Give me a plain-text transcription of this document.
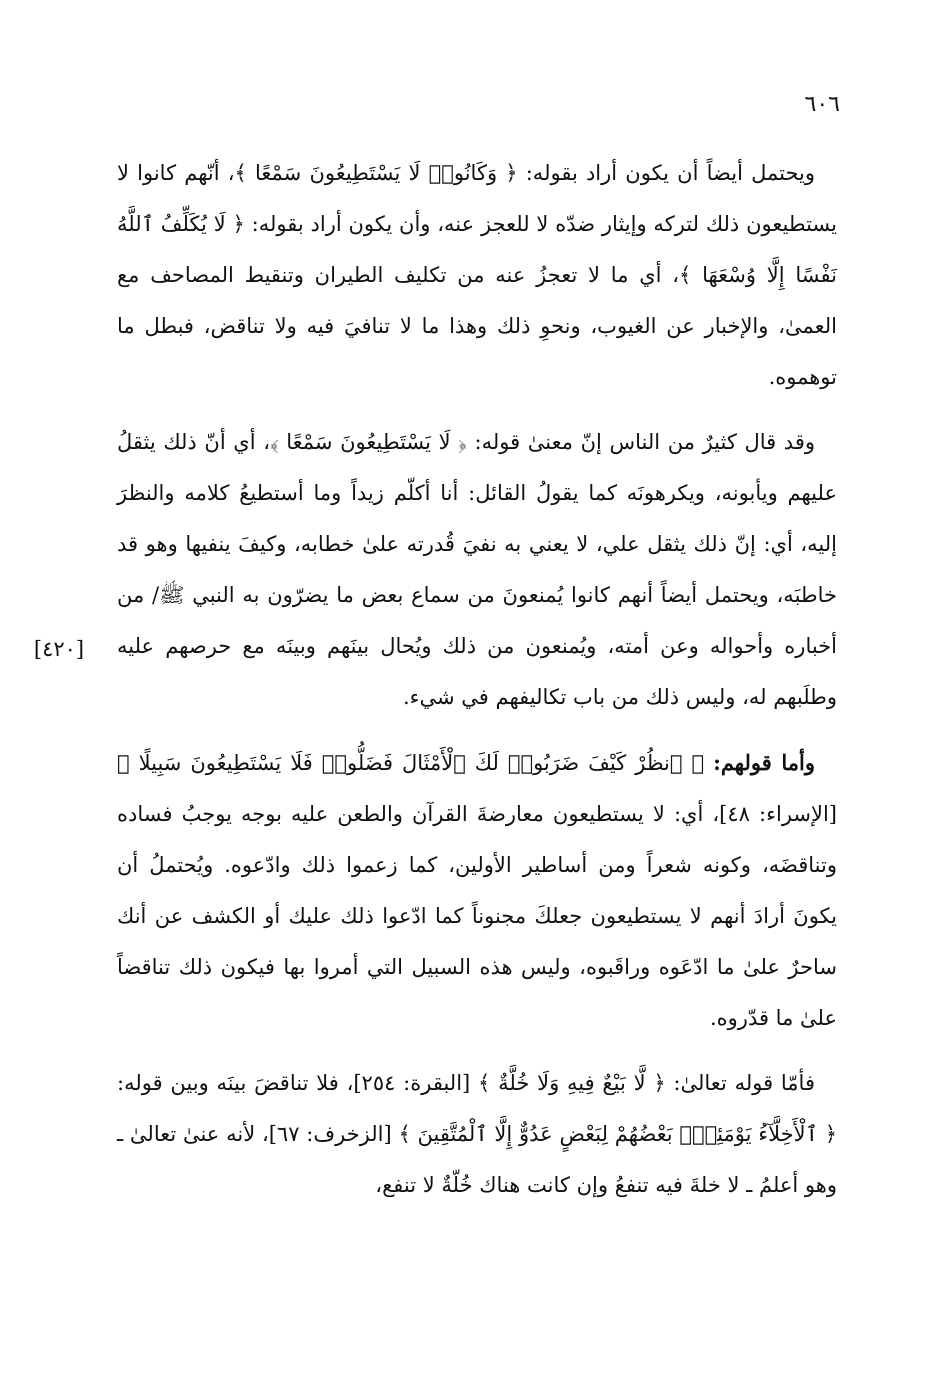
٦٠٦
[٤٢٠]

ويحتمل أيضاً أن يكون أراد بقوله: ﴿ وَكَانُوا۟ لَا يَسْتَطِيعُونَ سَمْعًا ﴾، أنّهم كانوا لا يستطيعون ذلك لتركه وإيثار ضدّه لا للعجز عنه، وأن يكون أراد بقوله: ﴿ لَا يُكَلِّفُ ٱللَّهُ نَفْسًا إِلَّا وُسْعَهَا ﴾، أي ما لا تعجزُ عنه من تكليف الطيران وتنقيط المصاحف مع العمىٰ، والإخبار عن الغيوب، ونحوِ ذلك وهذا ما لا تنافيَ فيه ولا تناقض، فبطل ما توهموه.

وقد قال كثيرٌ من الناس إنّ معنىٰ قوله: ﴿ لَا يَسْتَطِيعُونَ سَمْعًا ﴾، أي أنّ ذلك يثقلُ عليهم ويأبونه، ويكرهونَه كما يقولُ القائل: أنا أكلّم زيداً وما أستطيعُ كلامه والنظرَ إليه، أي: إنّ ذلك يثقل علي، لا يعني به نفيَ قُدرته علىٰ خطابه، وكيفَ ينفيها وهو قد خاطبَه، ويحتمل أيضاً أنهم كانوا يُمنعونَ من سماع بعض ما يضرّون به النبي ﷺ/ من أخباره وأحواله وعن أمته، ويُمنعون من ذلك ويُحال بينَهم وبينَه مع حرصهم عليه وطلَبهم له، وليس ذلك من باب تكاليفهم في شيء.

وأما قولهم: ﴿ ٱنظُرْ كَيْفَ ضَرَبُوا۟ لَكَ ٱلْأَمْثَالَ فَضَلُّوا۟ فَلَا يَسْتَطِيعُونَ سَبِيلًا ﴾ [الإسراء: ٤٨]، أي: لا يستطيعون معارضةَ القرآن والطعن عليه بوجه يوجبُ فساده وتناقضَه، وكونه شعراً ومن أساطير الأولين، كما زعموا ذلك وادّعوه. ويُحتملُ أن يكونَ أرادَ أنهم لا يستطيعون جعلكَ مجنوناً كما ادّعوا ذلك عليك أو الكشف عن أنك ساحرٌ علىٰ ما ادّعَوه وراقَبوه، وليس هذه السبيل التي أمروا بها فيكون ذلك تناقضاً علىٰ ما قدّروه.

فأمّا قوله تعالىٰ: ﴿ لَّا بَيْعٌ فِيهِ وَلَا خُلَّةٌ ﴾ [البقرة: ٢٥٤]، فلا تناقضَ بينَه وبين قوله: ﴿ ٱلْأَخِلَّآءُ يَوْمَئِذٍۭ بَعْضُهُمْ لِبَعْضٍ عَدُوٌّ إِلَّا ٱلْمُتَّقِينَ ﴾ [الزخرف: ٦٧]، لأنه عنىٰ تعالىٰ ـ وهو أعلمُ ـ لا خلةَ فيه تنفعُ وإن كانت هناك خُلّةٌ لا تنفع،
